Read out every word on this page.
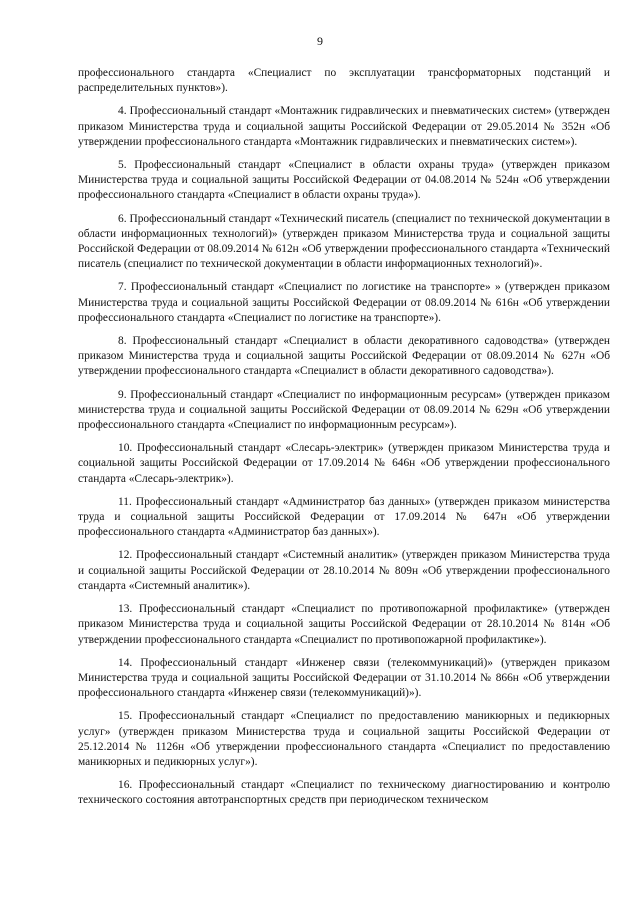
9

профессионального стандарта «Специалист по эксплуатации трансформаторных подстанций и распределительных пунктов»).

4. Профессиональный стандарт «Монтажник гидравлических и пневматических систем» (утвержден приказом Министерства труда и социальной защиты Российской Федерации от 29.05.2014 № 352н «Об утверждении профессионального стандарта «Монтажник гидравлических и пневматических систем»).

5. Профессиональный стандарт «Специалист в области охраны труда» (утвержден приказом Министерства труда и социальной защиты Российской Федерации от 04.08.2014 № 524н «Об утверждении профессионального стандарта «Специалист в области охраны труда»).

6. Профессиональный стандарт «Технический писатель (специалист по технической документации в области информационных технологий)» (утвержден приказом Министерства труда и социальной защиты Российской Федерации от 08.09.2014 № 612н «Об утверждении профессионального стандарта «Технический писатель (специалист по технической документации в области информационных технологий)».

7. Профессиональный стандарт «Специалист по логистике на транспорте» » (утвержден приказом Министерства труда и социальной защиты Российской Федерации от 08.09.2014 № 616н «Об утверждении профессионального стандарта «Специалист по логистике на транспорте»).

8. Профессиональный стандарт «Специалист в области декоративного садоводства» (утвержден приказом Министерства труда и социальной защиты Российской Федерации от 08.09.2014 № 627н «Об утверждении профессионального стандарта «Специалист в области декоративного садоводства»).

9. Профессиональный стандарт «Специалист по информационным ресурсам» (утвержден приказом министерства труда и социальной защиты Российской Федерации от 08.09.2014 № 629н «Об утверждении профессионального стандарта «Специалист по информационным ресурсам»).

10. Профессиональный стандарт «Слесарь-электрик» (утвержден приказом Министерства труда и социальной защиты Российской Федерации от 17.09.2014 № 646н «Об утверждении профессионального стандарта «Слесарь-электрик»).

11. Профессиональный стандарт «Администратор баз данных» (утвержден приказом министерства труда и социальной защиты Российской Федерации от 17.09.2014 № 647н «Об утверждении профессионального стандарта «Администратор баз данных»).

12. Профессиональный стандарт «Системный аналитик» (утвержден приказом Министерства труда и социальной защиты Российской Федерации от 28.10.2014 № 809н «Об утверждении профессионального стандарта «Системный аналитик»).

13. Профессиональный стандарт «Специалист по противопожарной профилактике» (утвержден приказом Министерства труда и социальной защиты Российской Федерации от 28.10.2014 № 814н «Об утверждении профессионального стандарта «Специалист по противопожарной профилактике»).

14. Профессиональный стандарт «Инженер связи (телекоммуникаций)» (утвержден приказом Министерства труда и социальной защиты Российской Федерации от 31.10.2014 № 866н «Об утверждении профессионального стандарта «Инженер связи (телекоммуникаций)»).

15. Профессиональный стандарт «Специалист по предоставлению маникюрных и педикюрных услуг» (утвержден приказом Министерства труда и социальной защиты Российской Федерации от 25.12.2014 № 1126н «Об утверждении профессионального стандарта «Специалист по предоставлению маникюрных и педикюрных услуг»).

16. Профессиональный стандарт «Специалист по техническому диагностированию и контролю технического состояния автотранспортных средств при периодическом техническом
